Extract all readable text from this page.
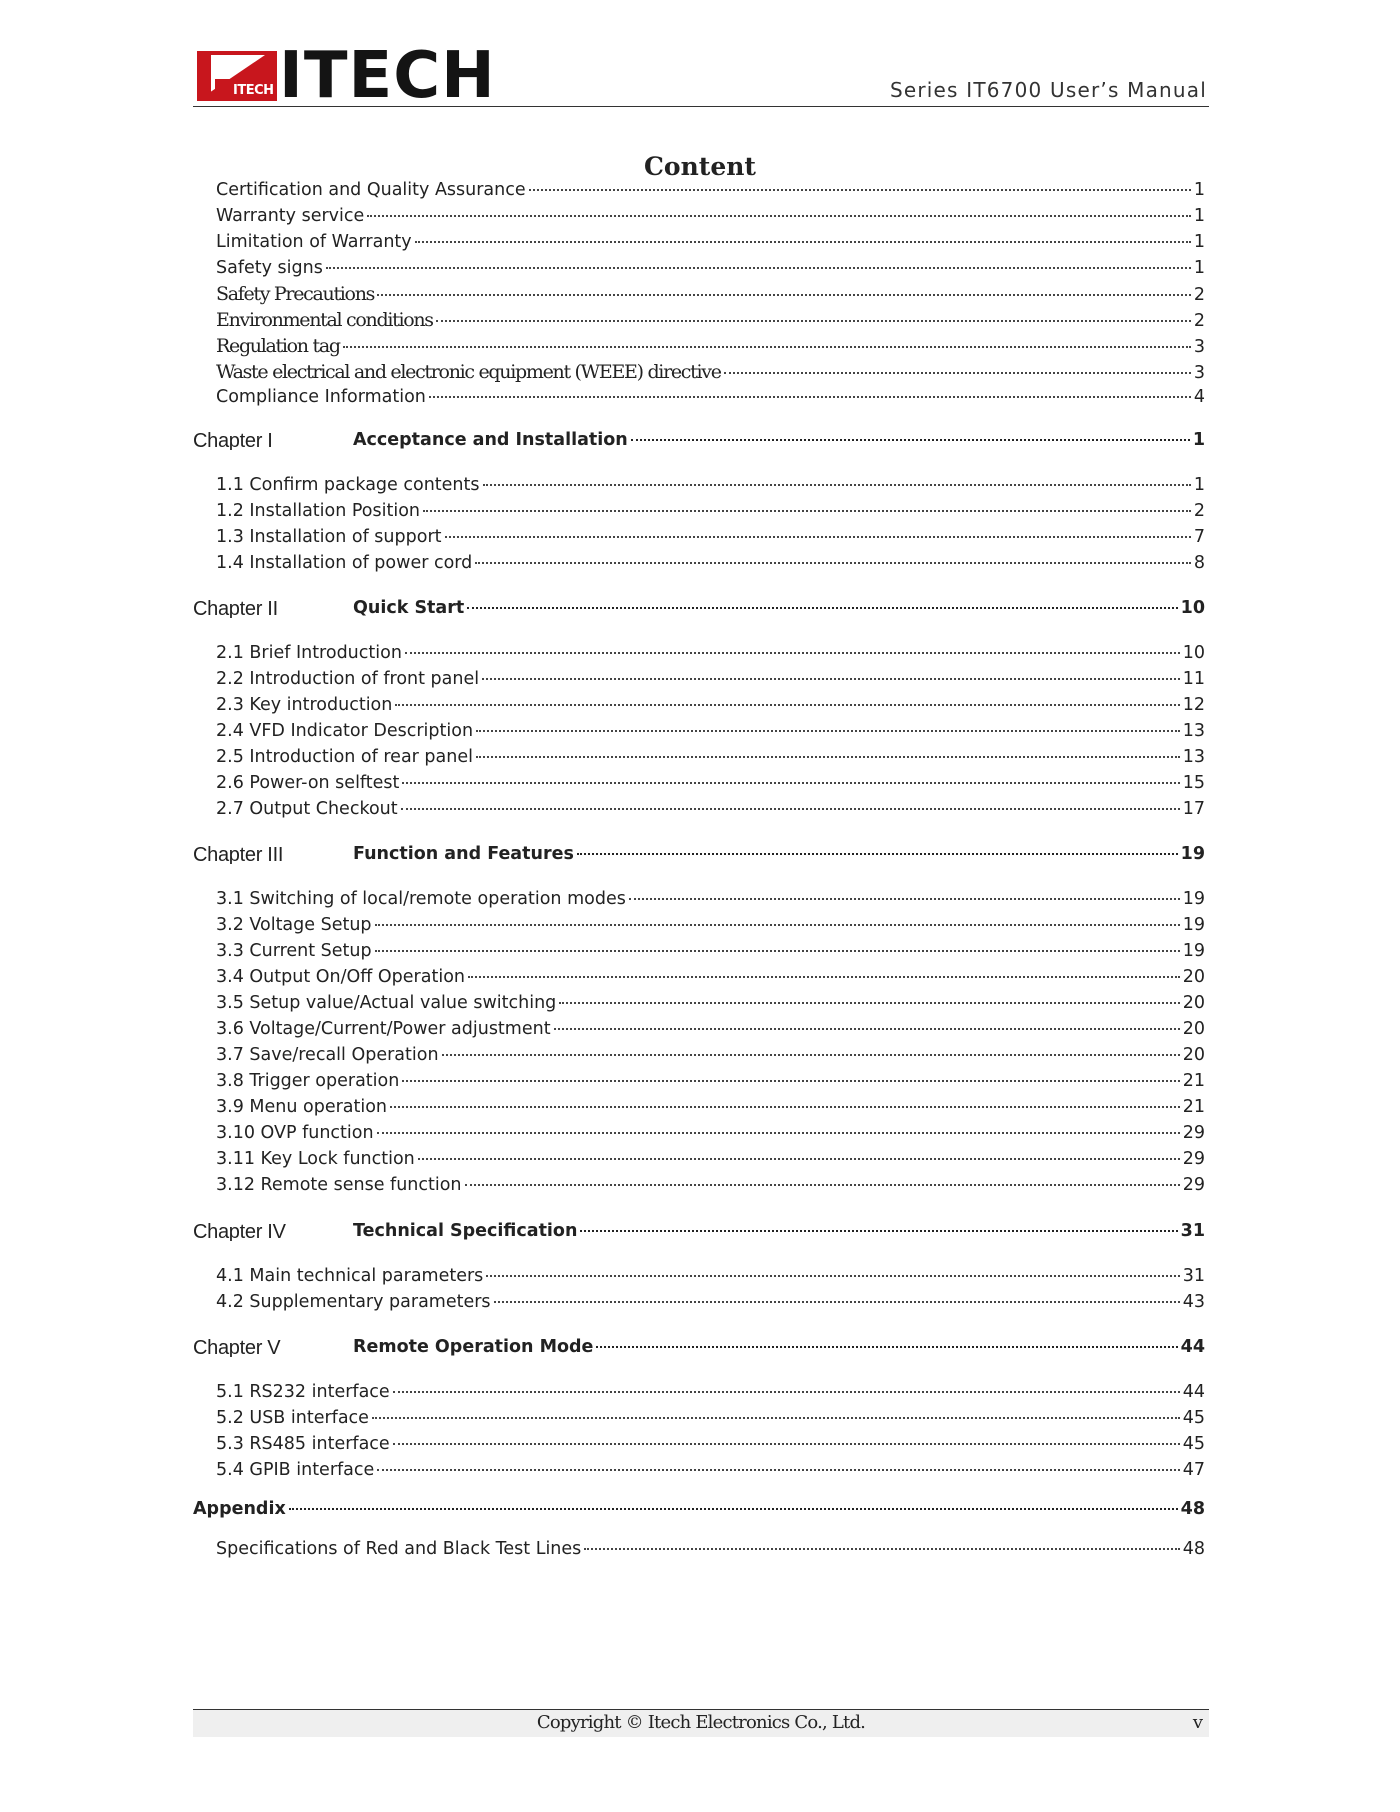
ITECH ITECH	Series IT6700 User’s Manual
Content
Certification and Quality Assurance	1
Warranty service	1
Limitation of Warranty	1
Safety signs	1
Safety Precautions	2
Environmental conditions	2
Regulation tag	3
Waste electrical and electronic equipment (WEEE) directive	3
Compliance Information	4
Chapter I	Acceptance and Installation	1
1.1 Confirm package contents	1
1.2 Installation Position	2
1.3 Installation of support	7
1.4 Installation of power cord	8
Chapter II	Quick Start	10
2.1 Brief Introduction	10
2.2 Introduction of front panel	11
2.3 Key introduction	12
2.4 VFD Indicator Description	13
2.5 Introduction of rear panel	13
2.6 Power-on selftest	15
2.7 Output Checkout	17
Chapter III	Function and Features	19
3.1 Switching of local/remote operation modes	19
3.2 Voltage Setup	19
3.3 Current Setup	19
3.4 Output On/Off Operation	20
3.5 Setup value/Actual value switching	20
3.6 Voltage/Current/Power adjustment	20
3.7 Save/recall Operation	20
3.8 Trigger operation	21
3.9 Menu operation	21
3.10 OVP function	29
3.11 Key Lock function	29
3.12 Remote sense function	29
Chapter IV	Technical Specification	31
4.1 Main technical parameters	31
4.2 Supplementary parameters	43
Chapter V	Remote Operation Mode	44
5.1 RS232 interface	44
5.2 USB interface	45
5.3 RS485 interface	45
5.4 GPIB interface	47
Appendix	48
Specifications of Red and Black Test Lines	48
Copyright © Itech Electronics Co., Ltd.	v
